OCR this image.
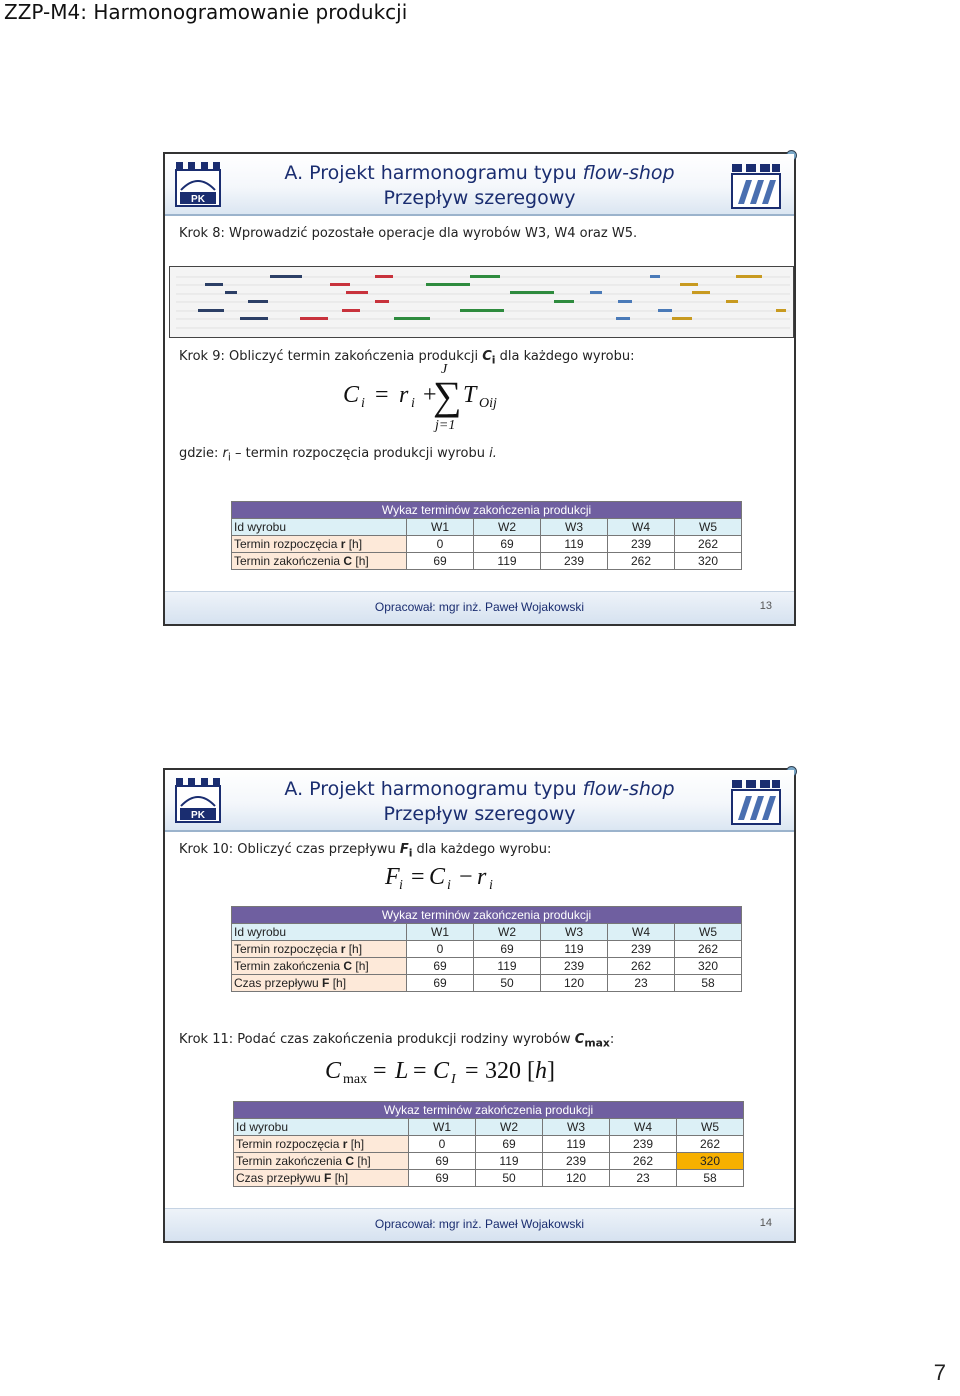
ZZP-M4: Harmonogramowanie produkcji
PK
A. Projekt harmonogramu typu flow-shop
Przepływ szeregowy
Krok 8: Wprowadzić pozostałe operacje dla wyrobów W3, W4 oraz W5.
Krok 9: Obliczyć termin zakończenia produkcji $C_i$ dla każdego wyrobu:
C i = r i +
J
∑
j=1
T Oij
gdzie: $r_i$ – termin rozpoczęcia produkcji wyrobu i.
Wykaz terminów zakończenia produkcji					
Id wyrobu	W1	W2	W3	W4	W5
Termin rozpoczęcia r [h]	0	69	119	239	262
Termin zakończenia C [h]	69	119	239	262	320
Opracował: mgr inż. Paweł Wojakowski	13
PK
A. Projekt harmonogramu typu flow-shop
Przepływ szeregowy
Krok 10: Obliczyć czas przepływu $F_i$ dla każdego wyrobu:
F i = C i − r i
Wykaz terminów zakończenia produkcji					
Id wyrobu	W1	W2	W3	W4	W5
Termin rozpoczęcia r [h]	0	69	119	239	262
Termin zakończenia C [h]	69	119	239	262	320
Czas przepływu F [h]	69	50	120	23	58
Krok 11: Podać czas zakończenia produkcji rodziny wyrobów $C_{max}$:
C max = L = C I = 320 [h]
Wykaz terminów zakończenia produkcji					
Id wyrobu	W1	W2	W3	W4	W5
Termin rozpoczęcia r [h]	0	69	119	239	262
Termin zakończenia C [h]	69	119	239	262	320
Czas przepływu F [h]	69	50	120	23	58
Opracował: mgr inż. Paweł Wojakowski	14
7
